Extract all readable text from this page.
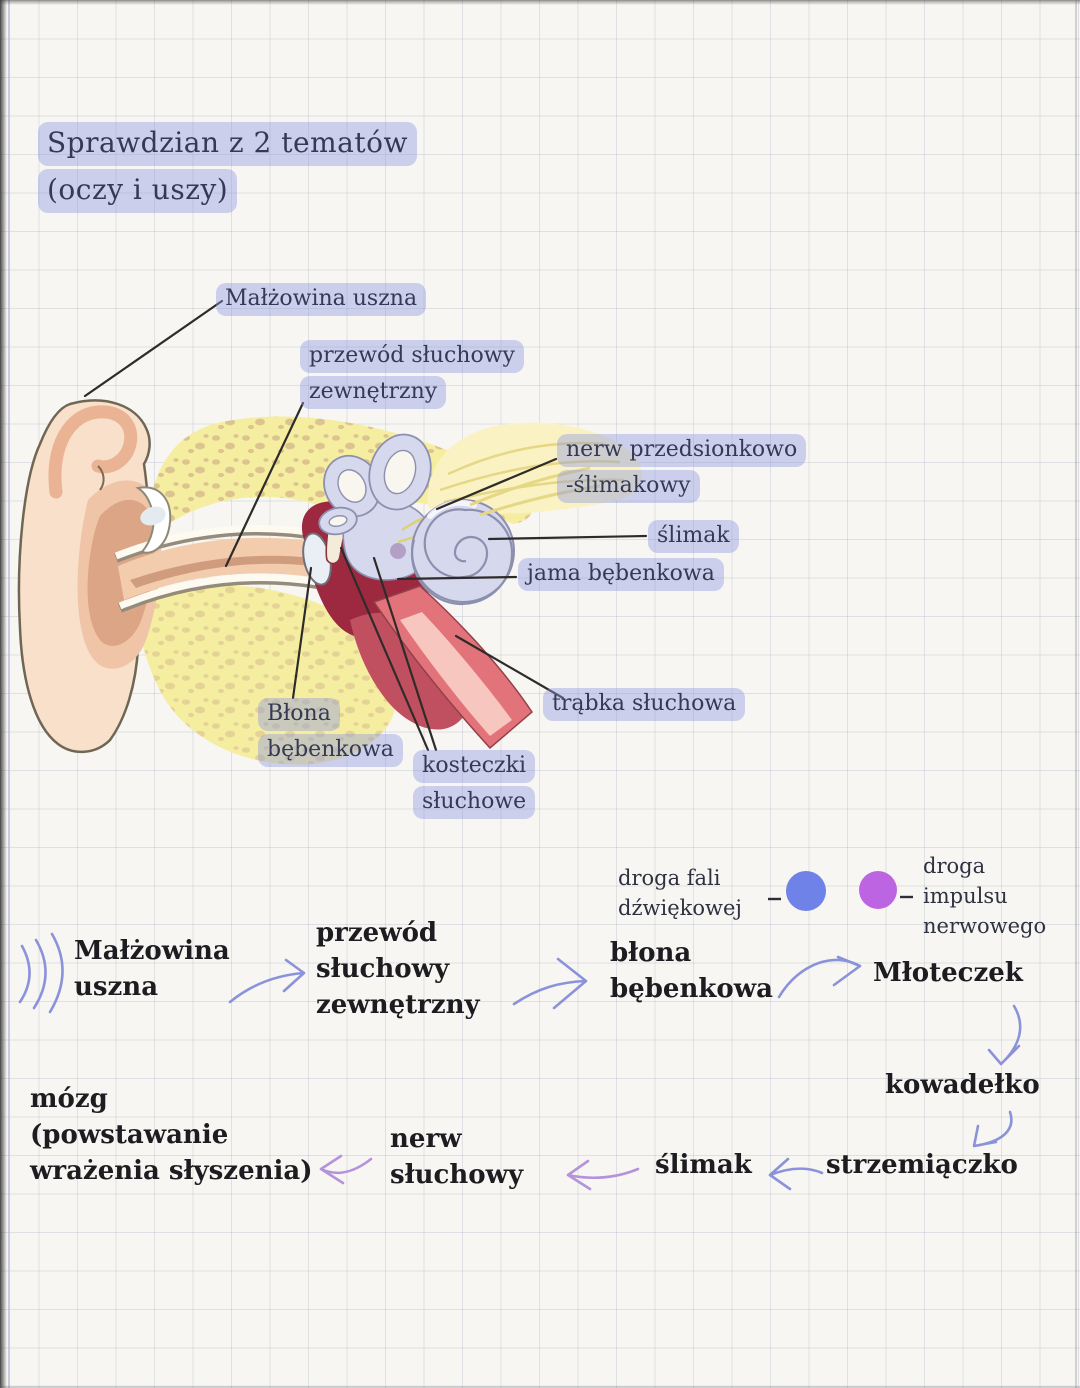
Sprawdzian z 2 tematów
(oczy i uszy)
Małżowina uszna
przewód słuchowy
zewnętrzny
nerw przedsionkowo
-ślimakowy
ślimak
jama bębenkowa
trąbka słuchowa
Błona
bębenkowa
kosteczki
słuchowe
droga fali
dźwiękowej
droga
impulsu
nerwowego
Małżowina
uszna
przewód
słuchowy
zewnętrzny
błona
bębenkowa
Młoteczek
kowadełko
strzemiączko
ślimak
nerw
słuchowy
mózg
(powstawanie
wrażenia słyszenia)
